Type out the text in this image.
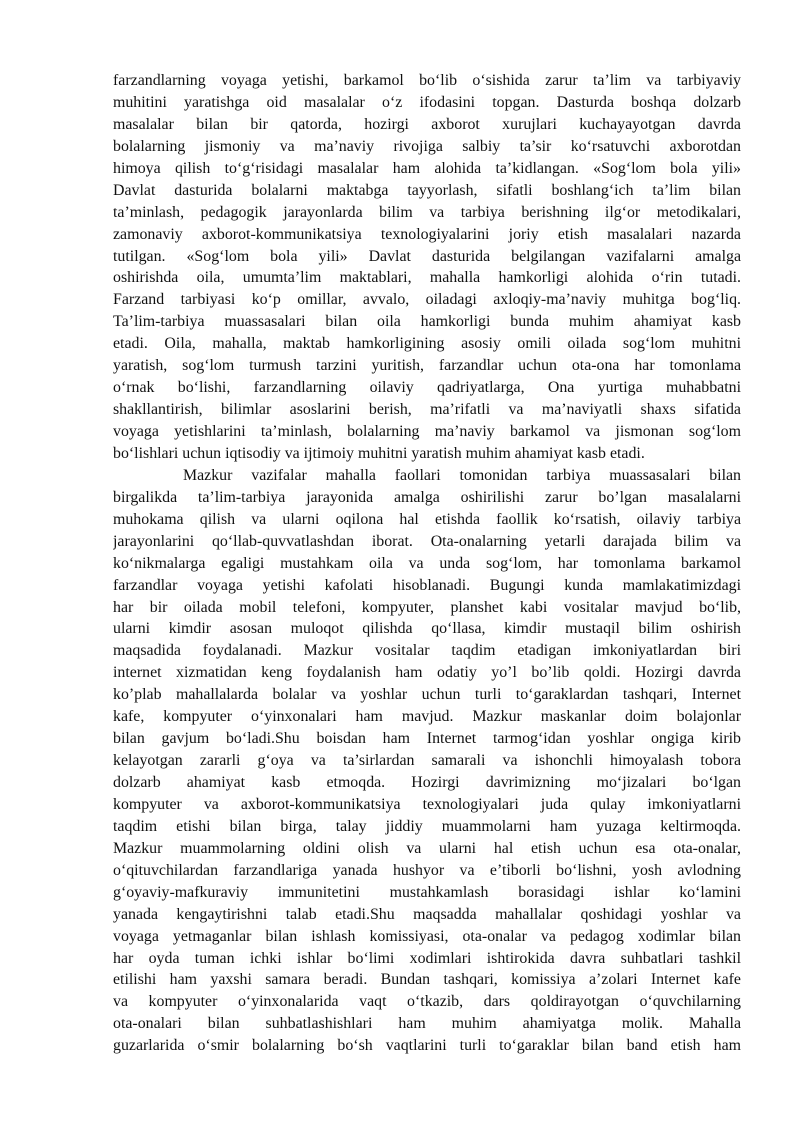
farzandlarning voyaga yetishi, barkamol bo‘lib o‘sishida zarur ta’lim va tarbiyaviy
muhitini yaratishga oid masalalar o‘z ifodasini topgan. Dasturda boshqa dolzarb
masalalar bilan bir qatorda, hozirgi axborot xurujlari kuchayayotgan davrda
bolalarning jismoniy va ma’naviy rivojiga salbiy ta’sir ko‘rsatuvchi axborotdan
himoya qilish to‘g‘risidagi masalalar ham alohida ta’kidlangan. «Sog‘lom bola yili»
Davlat dasturida bolalarni maktabga tayyorlash, sifatli boshlang‘ich ta’lim bilan
ta’minlash, pedagogik jarayonlarda bilim va tarbiya berishning ilg‘or metodikalari,
zamonaviy axborot-kommunikatsiya texnologiyalarini joriy etish masalalari nazarda
tutilgan. «Sog‘lom bola yili» Davlat dasturida belgilangan vazifalarni amalga
oshirishda oila, umumta’lim maktablari, mahalla hamkorligi alohida o‘rin tutadi.
Farzand tarbiyasi ko‘p omillar, avvalo, oiladagi axloqiy-ma’naviy muhitga bog‘liq.
Ta’lim-tarbiya muassasalari bilan oila hamkorligi bunda muhim ahamiyat kasb
etadi. Oila, mahalla, maktab hamkorligining asosiy omili oilada sog‘lom muhitni
yaratish, sog‘lom turmush tarzini yuritish, farzandlar uchun ota-ona har tomonlama
o‘rnak bo‘lishi, farzandlarning oilaviy qadriyatlarga, Ona yurtiga muhabbatni
shakllantirish, bilimlar asoslarini berish, ma’rifatli va ma’naviyatli shaxs sifatida
voyaga yetishlarini ta’minlash, bolalarning ma’naviy barkamol va jismonan sog‘lom
bo‘lishlari uchun iqtisodiy va ijtimoiy muhitni yaratish muhim ahamiyat kasb etadi.
Mazkur vazifalar mahalla faollari tomonidan tarbiya muassasalari bilan
birgalikda ta’lim-tarbiya jarayonida amalga oshirilishi zarur bo’lgan masalalarni
muhokama qilish va ularni oqilona hal etishda faollik ko‘rsatish, oilaviy tarbiya
jarayonlarini qo‘llab-quvvatlashdan iborat. Ota-onalarning yetarli darajada bilim va
ko‘nikmalarga egaligi mustahkam oila va unda sog‘lom, har tomonlama barkamol
farzandlar voyaga yetishi kafolati hisoblanadi. Bugungi kunda mamlakatimizdagi
har bir oilada mobil telefoni, kompyuter, planshet kabi vositalar mavjud bo‘lib,
ularni kimdir asosan muloqot qilishda qo‘llasa, kimdir mustaqil bilim oshirish
maqsadida foydalanadi. Mazkur vositalar taqdim etadigan imkoniyatlardan biri
internet xizmatidan keng foydalanish ham odatiy yo’l bo’lib qoldi. Hozirgi davrda
ko’plab mahallalarda bolalar va yoshlar uchun turli to‘garaklardan tashqari, Internet
kafe, kompyuter o‘yinxonalari ham mavjud. Mazkur maskanlar doim bolajonlar
bilan gavjum bo‘ladi.Shu boisdan ham Internet tarmog‘idan yoshlar ongiga kirib
kelayotgan zararli g‘oya va ta’sirlardan samarali va ishonchli himoyalash tobora
dolzarb ahamiyat kasb etmoqda. Hozirgi davrimizning mo‘jizalari bo‘lgan
kompyuter va axborot-kommunikatsiya texnologiyalari juda qulay imkoniyatlarni
taqdim etishi bilan birga, talay jiddiy muammolarni ham yuzaga keltirmoqda.
Mazkur muammolarning oldini olish va ularni hal etish uchun esa ota-onalar,
o‘qituvchilardan farzandlariga yanada hushyor va e’tiborli bo‘lishni, yosh avlodning
g‘oyaviy-mafkuraviy immunitetini mustahkamlash borasidagi ishlar ko‘lamini
yanada kengaytirishni talab etadi.Shu maqsadda mahallalar qoshidagi yoshlar va
voyaga yetmaganlar bilan ishlash komissiyasi, ota-onalar va pedagog xodimlar bilan
har oyda tuman ichki ishlar bo‘limi xodimlari ishtirokida davra suhbatlari tashkil
etilishi ham yaxshi samara beradi. Bundan tashqari, komissiya a’zolari Internet kafe
va kompyuter o‘yinxonalarida vaqt o‘tkazib, dars qoldirayotgan o‘quvchilarning
ota-onalari bilan suhbatlashishlari ham muhim ahamiyatga molik. Mahalla
guzarlarida o‘smir bolalarning bo‘sh vaqtlarini turli to‘garaklar bilan band etish ham
